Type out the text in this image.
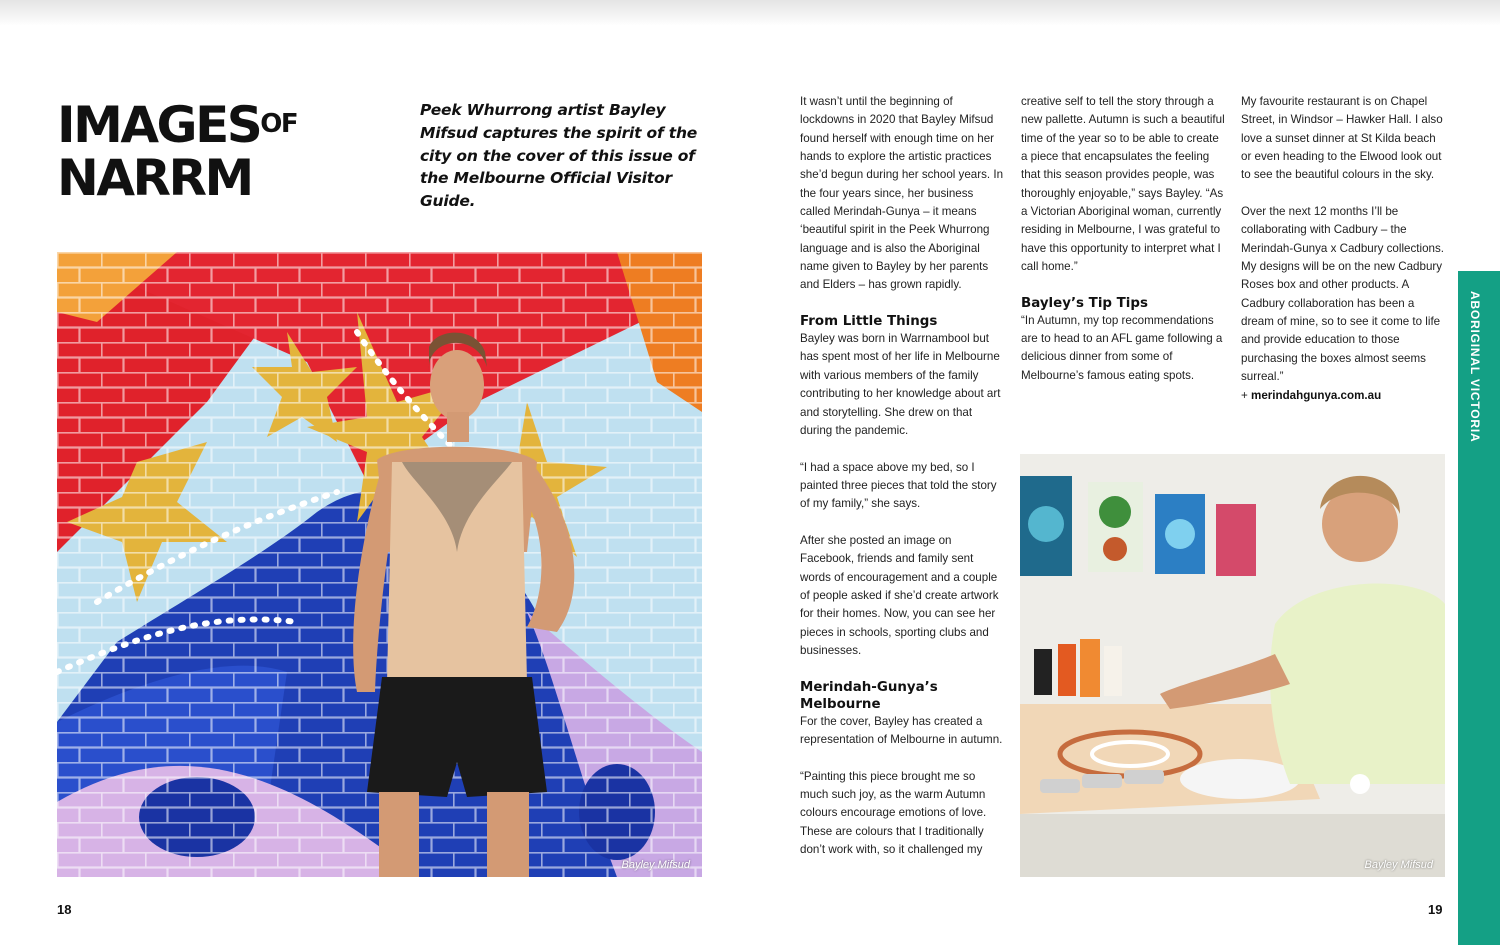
$IMAGES^{OF}$
NARRM

Peek Whurrong artist Bayley Mifsud captures the spirit of the city on the cover of this issue of the Melbourne Official Visitor Guide.

Bayley Mifsud
18

It wasn’t until the beginning of lockdowns in 2020 that Bayley Mifsud found herself with enough time on her hands to explore the artistic practices she’d begun during her school years. In the four years since, her business called Merindah-Gunya – it means ‘beautiful spirit in the Peek Whurrong language and is also the Aboriginal name given to Bayley by her parents and Elders – has grown rapidly.

From Little Things

Bayley was born in Warrnambool but has spent most of her life in Melbourne with various members of the family contributing to her knowledge about art and storytelling. She drew on that during the pandemic.

“I had a space above my bed, so I painted three pieces that told the story of my family,” she says.

After she posted an image on Facebook, friends and family sent words of encouragement and a couple of people asked if she’d create artwork for their homes. Now, you can see her pieces in schools, sporting clubs and businesses.

Merindah-Gunya’s Melbourne

For the cover, Bayley has created a representation of Melbourne in autumn.

“Painting this piece brought me so much such joy, as the warm Autumn colours encourage emotions of love. These are colours that I traditionally don’t work with, so it challenged my

creative self to tell the story through a new pallette. Autumn is such a beautiful time of the year so to be able to create a piece that encapsulates the feeling that this season provides people, was thoroughly enjoyable,” says Bayley. “As a Victorian Aboriginal woman, currently residing in Melbourne, I was grateful to have this opportunity to interpret what I call home.”

Bayley’s Tip Tips

“In Autumn, my top recommendations are to head to an AFL game following a delicious dinner from some of Melbourne’s famous eating spots.

My favourite restaurant is on Chapel Street, in Windsor – Hawker Hall. I also love a sunset dinner at St Kilda beach or even heading to the Elwood look out to see the beautiful colours in the sky.

Over the next 12 months I’ll be collaborating with Cadbury – the Merindah-Gunya x Cadbury collections. My designs will be on the new Cadbury Roses box and other products. A Cadbury collaboration has been a dream of mine, so to see it come to life and provide education to those purchasing the boxes almost seems surreal.”

+ merindahgunya.com.au

Bayley Mifsud
ABORIGINAL VICTORIA
19
